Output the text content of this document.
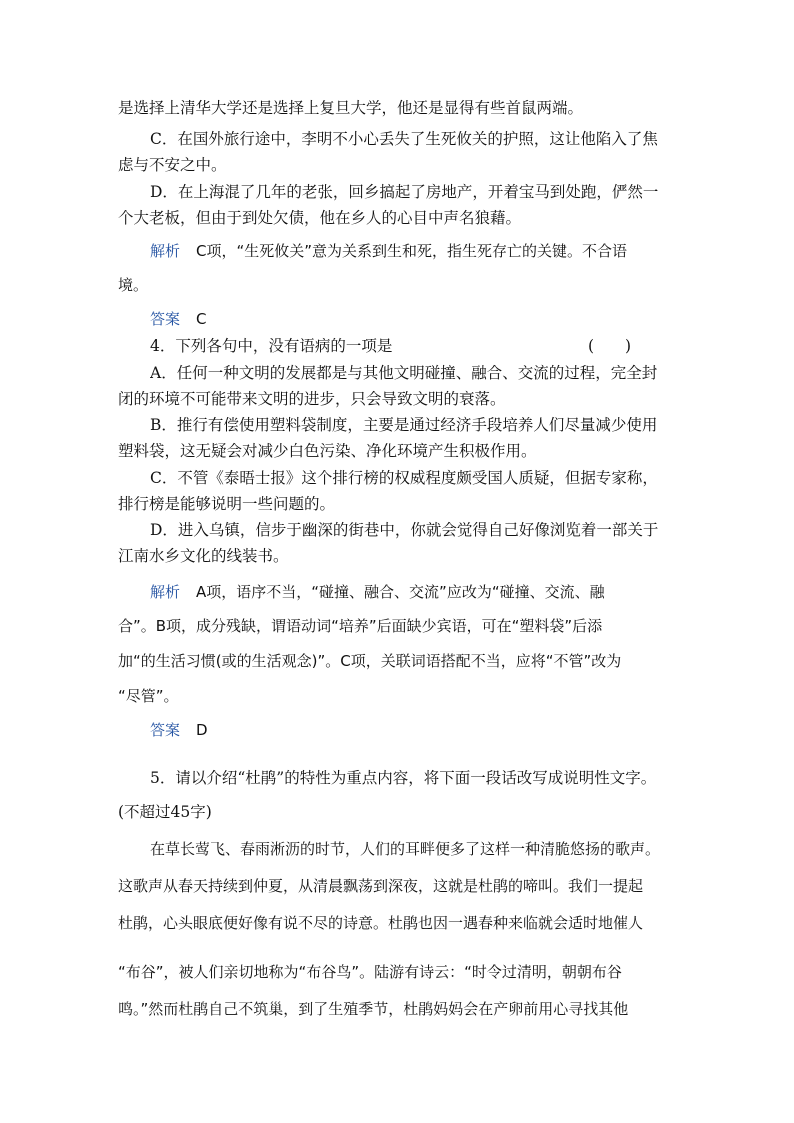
是选择上清华大学还是选择上复旦大学，他还是显得有些首鼠两端。
C．在国外旅行途中，李明不小心丢失了生死攸关的护照，这让他陷入了焦
虑与不安之中。
D．在上海混了几年的老张，回乡搞起了房地产，开着宝马到处跑，俨然一
个大老板，但由于到处欠债，他在乡人的心目中声名狼藉。
解析 C项，“生死攸关”意为关系到生和死，指生死存亡的关键。不合语
境。
答案 C
4．下列各句中，没有语病的一项是	(　　)
A．任何一种文明的发展都是与其他文明碰撞、融合、交流的过程，完全封
闭的环境不可能带来文明的进步，只会导致文明的衰落。
B．推行有偿使用塑料袋制度，主要是通过经济手段培养人们尽量减少使用
塑料袋，这无疑会对减少白色污染、净化环境产生积极作用。
C．不管《泰晤士报》这个排行榜的权威程度颇受国人质疑，但据专家称，
排行榜是能够说明一些问题的。
D．进入乌镇，信步于幽深的街巷中，你就会觉得自己好像浏览着一部关于
江南水乡文化的线装书。
解析 A项，语序不当，“碰撞、融合、交流”应改为“碰撞、交流、融
合”。B项，成分残缺，谓语动词“培养”后面缺少宾语，可在“塑料袋”后添
加“的生活习惯(或的生活观念)”。C项，关联词语搭配不当，应将“不管”改为
“尽管”。
答案 D
5．请以介绍“杜鹃”的特性为重点内容，将下面一段话改写成说明性文字。
(不超过45字)
在草长莺飞、春雨淅沥的时节，人们的耳畔便多了这样一种清脆悠扬的歌声。
这歌声从春天持续到仲夏，从清晨飘荡到深夜，这就是杜鹃的啼叫。我们一提起
杜鹃，心头眼底便好像有说不尽的诗意。杜鹃也因一遇春种来临就会适时地催人
“布谷”，被人们亲切地称为“布谷鸟”。陆游有诗云：“时令过清明，朝朝布谷
鸣。”然而杜鹃自己不筑巢，到了生殖季节，杜鹃妈妈会在产卵前用心寻找其他
